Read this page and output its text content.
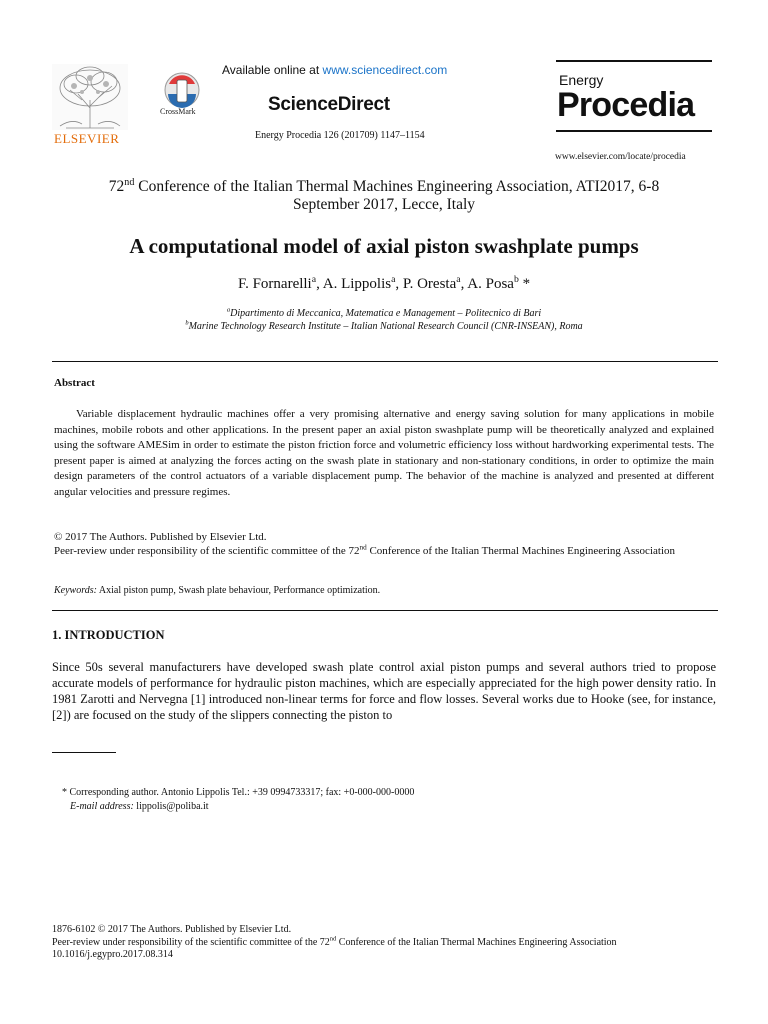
ELSEVIER
CrossMark
Available online at www.sciencedirect.com
ScienceDirect
Energy Procedia 126 (201709) 1147–1154
Energy
Procedia
www.elsevier.com/locate/procedia
72nd Conference of the Italian Thermal Machines Engineering Association, ATI2017, 6-8
September 2017, Lecce, Italy
A computational model of axial piston swashplate pumps
F. Fornarelli$^a$, A. Lippolis$^a$, P. Oresta$^a$, A. Posa$^b$ *
$^a$Dipartimento di Meccanica, Matematica e Management – Politecnico di Bari
$^b$Marine Technology Research Institute – Italian National Research Council (CNR-INSEAN), Roma
Abstract
Variable displacement hydraulic machines offer a very promising alternative and energy saving solution for many applications in mobile machines, mobile robots and other applications. In the present paper an axial piston swashplate pump will be theoretically analyzed and explained using the software AMESim in order to estimate the piston friction force and volumetric efficiency loss without hardworking experimental tests. The present paper is aimed at analyzing the forces acting on the swash plate in stationary and non-stationary conditions, in order to optimize the main design parameters of the control actuators of a variable displacement pump. The behavior of the machine is analyzed and presented at different angular velocities and pressure regimes.
© 2017 The Authors. Published by Elsevier Ltd.
Peer-review under responsibility of the scientific committee of the 72nd Conference of the Italian Thermal Machines Engineering Association
Keywords: Axial piston pump, Swash plate behaviour, Performance optimization.
1. INTRODUCTION
Since 50s several manufacturers have developed swash plate control axial piston pumps and several authors tried to propose accurate models of performance for hydraulic piston machines, which are especially appreciated for the high power density ratio. In 1981 Zarotti and Nervegna [1] introduced non-linear terms for force and flow losses. Several works due to Hooke (see, for instance, [2]) are focused on the study of the slippers connecting the piston to
* Corresponding author. Antonio Lippolis Tel.: +39 0994733317; fax: +0-000-000-0000
E-mail address: lippolis@poliba.it
1876-6102 © 2017 The Authors. Published by Elsevier Ltd.
Peer-review under responsibility of the scientific committee of the 72nd Conference of the Italian Thermal Machines Engineering Association
10.1016/j.egypro.2017.08.314
